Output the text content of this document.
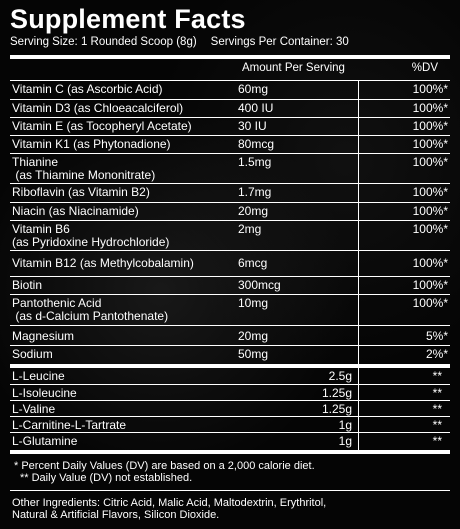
Supplement Facts
Serving Size: 1 Rounded Scoop (8g) Servings Per Container: 30
Amount Per Serving	%DV
Vitamin C (as Ascorbic Acid)	60mg	100%*
Vitamin D3 (as Chloeacalciferol)	400 IU	100%*
Vitamin E (as Tocopheryl Acetate)	30 IU	100%*
Vitamin K1 (as Phytonadione)	80mcg	100%*
Thianine
(as Thiamine Mononitrate)
1.5mg	100%*
Riboflavin (as Vitamin B2)	1.7mg	100%*
Niacin (as Niacinamide)	20mg	100%*
Vitamin B6
(as Pyridoxine Hydrochloride)
2mg	100%*
Vitamin B12 (as Methylcobalamin)	6mcg	100%*
Biotin	300mcg	100%*
Pantothenic Acid
(as d-Calcium Pantothenate)
10mg	100%*
Magnesium	20mg	5%*
Sodium	50mg	2%*
L-Leucine	2.5g	**
L-Isoleucine	1.25g	**
L-Valine	1.25g	**
L-Carnitine-L-Tartrate	1g	**
L-Glutamine	1g	**
* Percent Daily Values (DV) are based on a 2,000 calorie diet.
** Daily Value (DV) not established.
Other Ingredients: Citric Acid, Malic Acid, Maltodextrin, Erythritol,
Natural & Artificial Flavors, Silicon Dioxide.
